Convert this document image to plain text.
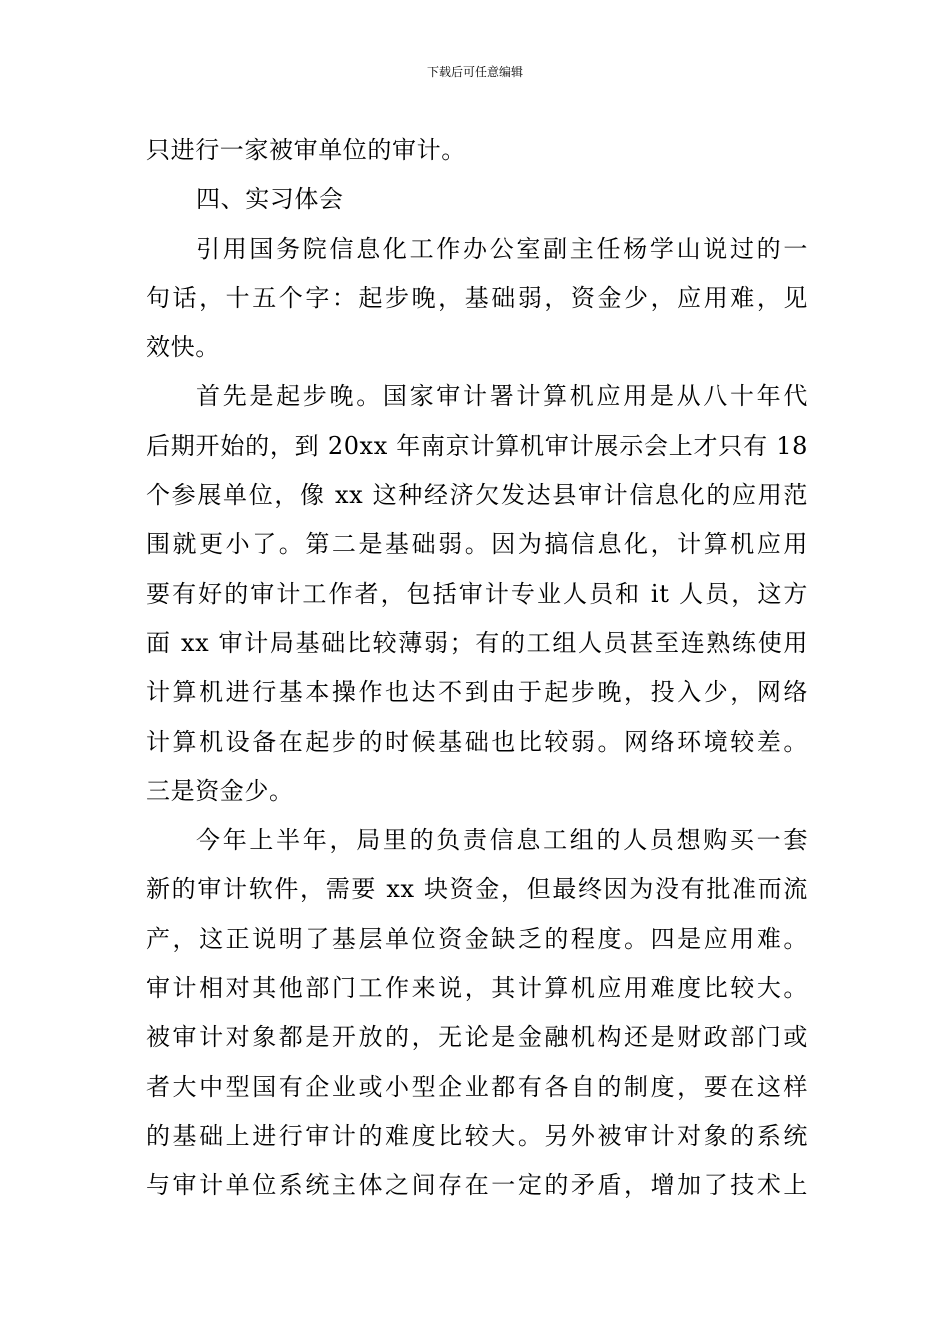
下载后可任意编辑
只进行一家被审单位的审计。
四、实习体会
引用国务院信息化工作办公室副主任杨学山说过的一
句话，十五个字：起步晚，基础弱，资金少，应用难，见
效快。
首先是起步晚。国家审计署计算机应用是从八十年代
后期开始的，到 20xx 年南京计算机审计展示会上才只有 18
个参展单位，像 xx 这种经济欠发达县审计信息化的应用范
围就更小了。第二是基础弱。因为搞信息化，计算机应用
要有好的审计工作者，包括审计专业人员和 it 人员，这方
面 xx 审计局基础比较薄弱；有的工组人员甚至连熟练使用
计算机进行基本操作也达不到由于起步晚，投入少，网络
计算机设备在起步的时候基础也比较弱。网络环境较差。
三是资金少。
今年上半年，局里的负责信息工组的人员想购买一套
新的审计软件，需要 xx 块资金，但最终因为没有批准而流
产，这正说明了基层单位资金缺乏的程度。四是应用难。
审计相对其他部门工作来说，其计算机应用难度比较大。
被审计对象都是开放的，无论是金融机构还是财政部门或
者大中型国有企业或小型企业都有各自的制度，要在这样
的基础上进行审计的难度比较大。另外被审计对象的系统
与审计单位系统主体之间存在一定的矛盾，增加了技术上
